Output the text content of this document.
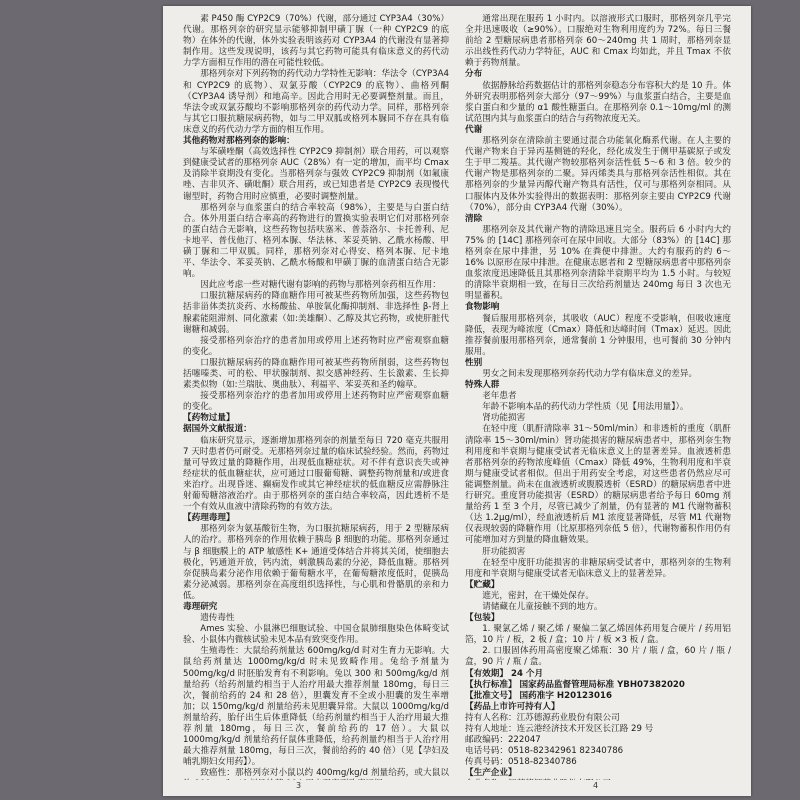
素 P450 酶 CYP2C9（70%）代谢，部分通过 CYP3A4（30%）代谢。那格列奈的研究显示能够抑制甲磺丁脲（一种 CYP2C9 的底物）在体外的代谢，体外实验表明该药对 CYP3A4 的代谢没有显著抑制作用。这些发现说明，该药与其它药物可能具有临床意义的药代动力学方面相互作用的潜在可能性较低。

那格列奈对下列药物的药代动力学特性无影响：华法令（CYP3A4 和 CYP2C9 的底物）、双氯芬酸（CYP2C9 的底物）、曲格列酮（CYP3A4 诱导剂）和地高辛。因此合用时无必要调整剂量。而且，华法令或双氯芬酸均不影响那格列奈的药代动力学。同样，那格列奈与其它口服抗糖尿病药物，如与二甲双胍或格列本脲同不存在具有临床意义的药代动力学方面的相互作用。

其他药物对那格列奈的影响：

与苯磺唑酮（高效选择性 CYP2C9 抑制剂）联合用药，可以观察到健康受试者的那格列奈 AUC（28%）有一定的增加，而平均 Cmax 及消除半衰期没有变化。当那格列奈与强效 CYP2C9 抑制剂（如氟康唑、吉非贝齐、磺吡酮）联合用药，或已知患者是 CYP2C9 表现慢代谢型时，药物合用时应慎重，必要时调整剂量。

那格列奈与血浆蛋白的结合率较高（98%），主要是与白蛋白结合。体外用蛋白结合率高的药物进行的置换实验表明它们对那格列奈的蛋白结合无影响，这些药物包括呋塞米、普萘洛尔、卡托普利、尼卡地平、普伐他汀、格列本脲、华法林、苯妥英钠、乙酰水杨酸、甲磺丁脲和二甲双胍。同样，那格列奈对心得安、格列本脲、尼卡地平、华法令、苯妥英钠、乙酰水杨酸和甲磺丁脲的血清蛋白结合无影响。

因此应考虑一些对糖代谢有影响的药物与那格列奈药相互作用：

口服抗糖尿病药的降血糖作用可被某些药物所加强，这些药物包括非甾体类抗炎药、水杨酸盐、单胺氧化酶抑制剂、非选择性 β-肾上腺素能阻滞剂、同化激素（如:美雄酮）、乙醇及其它药物，或使肝脏代谢糖和减弱。

接受那格列奈治疗的患者加用或停用上述药物时应严密观察血糖的变化。

口服抗糖尿病药的降血糖作用可被某些药物所削弱，这些药物包括噻嗪类、可的松、甲状腺制剂、拟交感神经药、生长激素、生长抑素类似物（如:兰瑞肽、奥曲肽）、利福平、苯妥英和圣约翰草。

接受那格列奈治疗的患者加用或停用上述药物时应严密观察血糖的变化。

【药物过量】

据国外文献报道：

临床研究显示，逐渐增加那格列奈的剂量至每日 720 毫克共服用 7 天时患者仍可耐受。无那格列奈过量的临床试验经验。然而，药物过量可导致过量的降糖作用，出现低血糖症状。对不伴有意识丧失或神经症状的低血糖症状，应可通过口服葡萄糖、调整药物剂量和/或进食来治疗。出现昏迷、癫痫发作或其它神经症状的低血糖反应需静脉注射葡萄糖溶液治疗。由于那格列奈的蛋白结合率较高，因此透析不是一个有效从血液中清除药物的有效方法。

【药理毒理】

那格列奈为氨基酸衍生物，为口服抗糖尿病药，用于 2 型糖尿病人的治疗。那格列奈的作用依赖于胰岛 β 细胞的功能。那格列奈通过与 β 细胞膜上的 ATP 敏感性 K+ 通道受体结合并将其关闭，使细胞去极化，钙通道开放，钙内流，刺激胰岛素的分泌，降低血糖。那格列奈促胰岛素分泌作用依赖于葡萄糖水平，在葡萄糖浓度低时，促胰岛素分泌减弱。那格列奈在高度组织选择性，与心肌和骨骼肌的亲和力低。

毒理研究

遗传毒性

Ames 实验、小鼠淋巴细胞试验、中国仓鼠肺细胞染色体畸变试验、小鼠体内微核试验未见本品有致突变作用。

生殖毒性：大鼠给药剂量达 600mg/kg/d 时对生育力无影响。大鼠给药剂量达 1000mg/kg/d 时未见致畸作用。兔给予剂量为 500mg/kg/d 时胚胎发育有不利影响。兔以 300 和 500mg/kg/d 剂量给药（给药剂量约相当于人治疗用最大推荐剂量 180mg，每日三次，餐前给药的 24 和 28 倍），胆囊发育不全或小胆囊的发生率增加；以 150mg/kg/d 剂量给药未见胆囊异常。大鼠以 1000mg/kg/d 剂量给药，胎仔出生后体重降低（给药剂量约相当于人治疗用最大推荐剂量 180mg，每日三次，餐前给药的 17 倍）。大鼠以 1000mg/kg/d 剂量给药仔鼠体重降低，给药剂量约相当于人治疗用最大推荐剂量 180mg，每日三次，餐前给药的 40 倍）（见【孕妇及哺乳期妇女用药】）。

致癌性：那格列奈对小鼠以约 400mg/kg/d 剂量给药，或大鼠以

通常出现在服药 1 小时内。以溶液形式口服时，那格列奈几乎完全并迅速吸收（≥90%）。口服绝对生物利用度约为 72%。每日三餐前给 2 型糖尿病患者那格列奈 60～240mg 共 1 周时，那格列奈显示出线性药代动力学特征，AUC 和 Cmax 均如此，并且 Tmax 不依赖于药物剂量。

分布

依据静脉给药数据估计的那格列奈稳态分布容积大约是 10 升。体外研究表明那格列奈大部分（97～99%）与血浆蛋白结合，主要是血浆白蛋白和少量的 α1 酸性糖蛋白。在那格列奈 0.1～10mg/ml 的测试范围内其与血浆蛋白的结合与药物浓度无关。

代谢

那格列奈在清除前主要通过混合功能氧化酶系代谢。在人主要的代谢产物来自于异丙基侧链的羟化，经化成发生于侧甲基碳原子或发生于甲二羧基。其代谢产物较那格列奈活性低 5～6 和 3 倍。较少的代谢产物是那格列奈的二聚。异丙烯类具与那格列奈活性相似。其在那格列奈的少量异丙醇代谢产物具有活性，仅可与那格列奈相同。从口服体内及体外实验得出的数据表明：那格列奈主要由 CYP2C9 代谢（70%），部分由 CYP3A4 代谢（30%）。

清除

那格列奈及其代谢产物的清除迅速且完全。服药后 6 小时内大约 75% 的 [14C] 那格列奈可在尿中回收。大部分（83%）的 [14C] 那格列奈在尿中排泄，另 10% 在粪便中排泄。大约有服药的约 6～16% 以原形在尿中排泄。在健康志愿者和 2 型糖尿病患者中那格列奈血浆浓度迅速降低且其那格列奈清除半衰期平均为 1.5 小时。与较短的清除半衰期相一致，在每日三次给药剂量达 240mg 每日 3 次也无明显蓄积。

食物影响

餐后服用那格列奈，其吸收（AUC）程度不受影响，但吸收速度降低，表现为峰浓度（Cmax）降低和达峰时间（Tmax）延迟。因此推荐餐前服用那格列奈，通常餐前 1 分钟服用，也可餐前 30 分钟内服用。

性别

男女之间未发现那格列奈药代动力学有临床意义的差异。

特殊人群

老年患者

年龄不影响本品的药代动力学性质（见【用法用量】）。

肾功能损害

在轻中度（肌酐清除率 31～50ml/min）和非透析的重度（肌酐清除率 15～30ml/min）肾功能损害的糖尿病患者中，那格列奈生物利用度和半衰期与健康受试者无临床意义上的显著差异。血液透析患者那格列奈的药物浓度峰值（Cmax）降低 49%，生物利用度和半衰期与健康受试者相似。但出于用药安全考虑，对这些患者仍然应尽可能调整剂量。尚未在血液透析或腹膜透析（ESRD）的糖尿病患者中进行研究。重度肾功能损害（ESRD）的糖尿病患者给予每日 60mg 剂量给药 1 至 3 个月，尽管已减少了剂量，仍有显著的 M1 代谢物蓄积（达 1.2μg/ml），经血液透析后 M1 浓度显著降低，尽管 M1 代谢物仅表现较弱的降糖作用（比原那格列奈低 5 倍），代谢物蓄积作用仍有可能增加对方到量的降血糖效果。

肝功能损害

在轻至中度肝功能损害的非糖尿病受试者中，那格列奈的生物利用度和半衰期与健康受试者无临床意义上的显著差异。

【贮藏】

遮光，密封，在干燥处保存。

请储藏在儿童接触不到的地方。

【包装】

1. 聚氯乙烯 / 聚乙烯 / 聚偏二氯乙烯固体药用复合硬片 / 药用铝箔，10 片 / 板，2 板 / 盒；10 片 / 板 ×3 板 / 盒。

2. 口服固体药用高密度聚乙烯瓶：30 片 / 瓶 / 盒，60 片 / 瓶 / 盒，90 片 / 瓶 / 盒。

【有效期】 24 个月

【执行标准】 国家药品监督管理局标准 YBH07382020

【批准文号】 国药准字 H20123016

【药品上市许可持有人】

持有人名称：江苏德源药业股份有限公司

持有人地址：连云港经济技术开发区长江路 29 号

邮政编码：222047

电话号码：0518-82342961 82340786

传真号码：0518-82340786

【生产企业】

3	4
